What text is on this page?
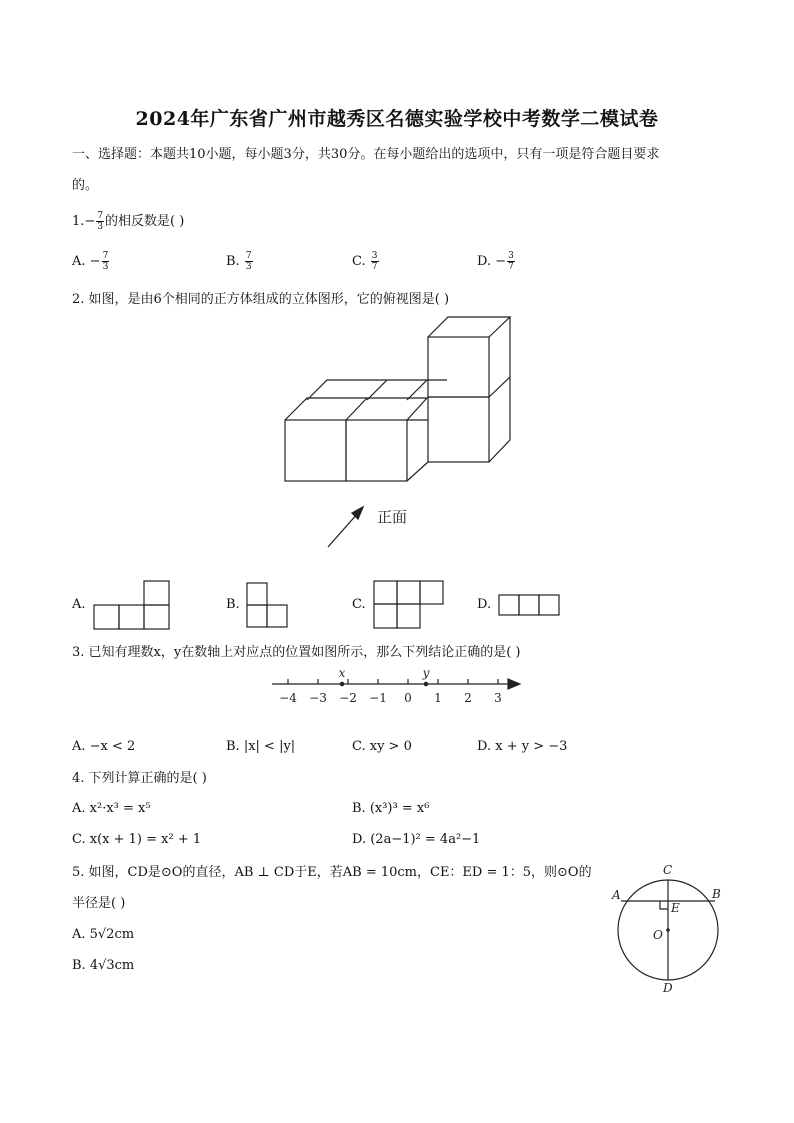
2024年广东省广州市越秀区名德实验学校中考数学二模试卷
一、选择题：本题共10小题，每小题3分，共30分。在每小题给出的选项中，只有一项是符合题目要求
的。
$1.- \frac{7}{3}$ 的相反数是( )
A. − $\frac{7}{3}$	B. $\frac{7}{3}$	C. $\frac{3}{7}$	D. − $\frac{3}{7}$
2. 如图，是由6个相同的正方体组成的立体图形，它的俯视图是( )
正面
A.	B.	C.	D.
3. 已知有理数x，y在数轴上对应点的位置如图所示，那么下列结论正确的是( )
−4 −3 −2 −1 0 1 2 3
x	y
A. −x < 2	B. |x| < |y|	C. xy > 0	D. x + y > −3
4. 下列计算正确的是( )
A. x²·x³ = x⁵	B. (x³)³ = x⁶
C. x(x + 1) = x² + 1	D. (2a−1)² = 4a²−1
5. 如图，CD是⊙O的直径，AB ⊥ CD于E，若AB = 10cm，CE：ED = 1：5，则⊙O的
半径是( )
A. 5√2cm
B. 4√3cm
C
A	B
E
O
D
